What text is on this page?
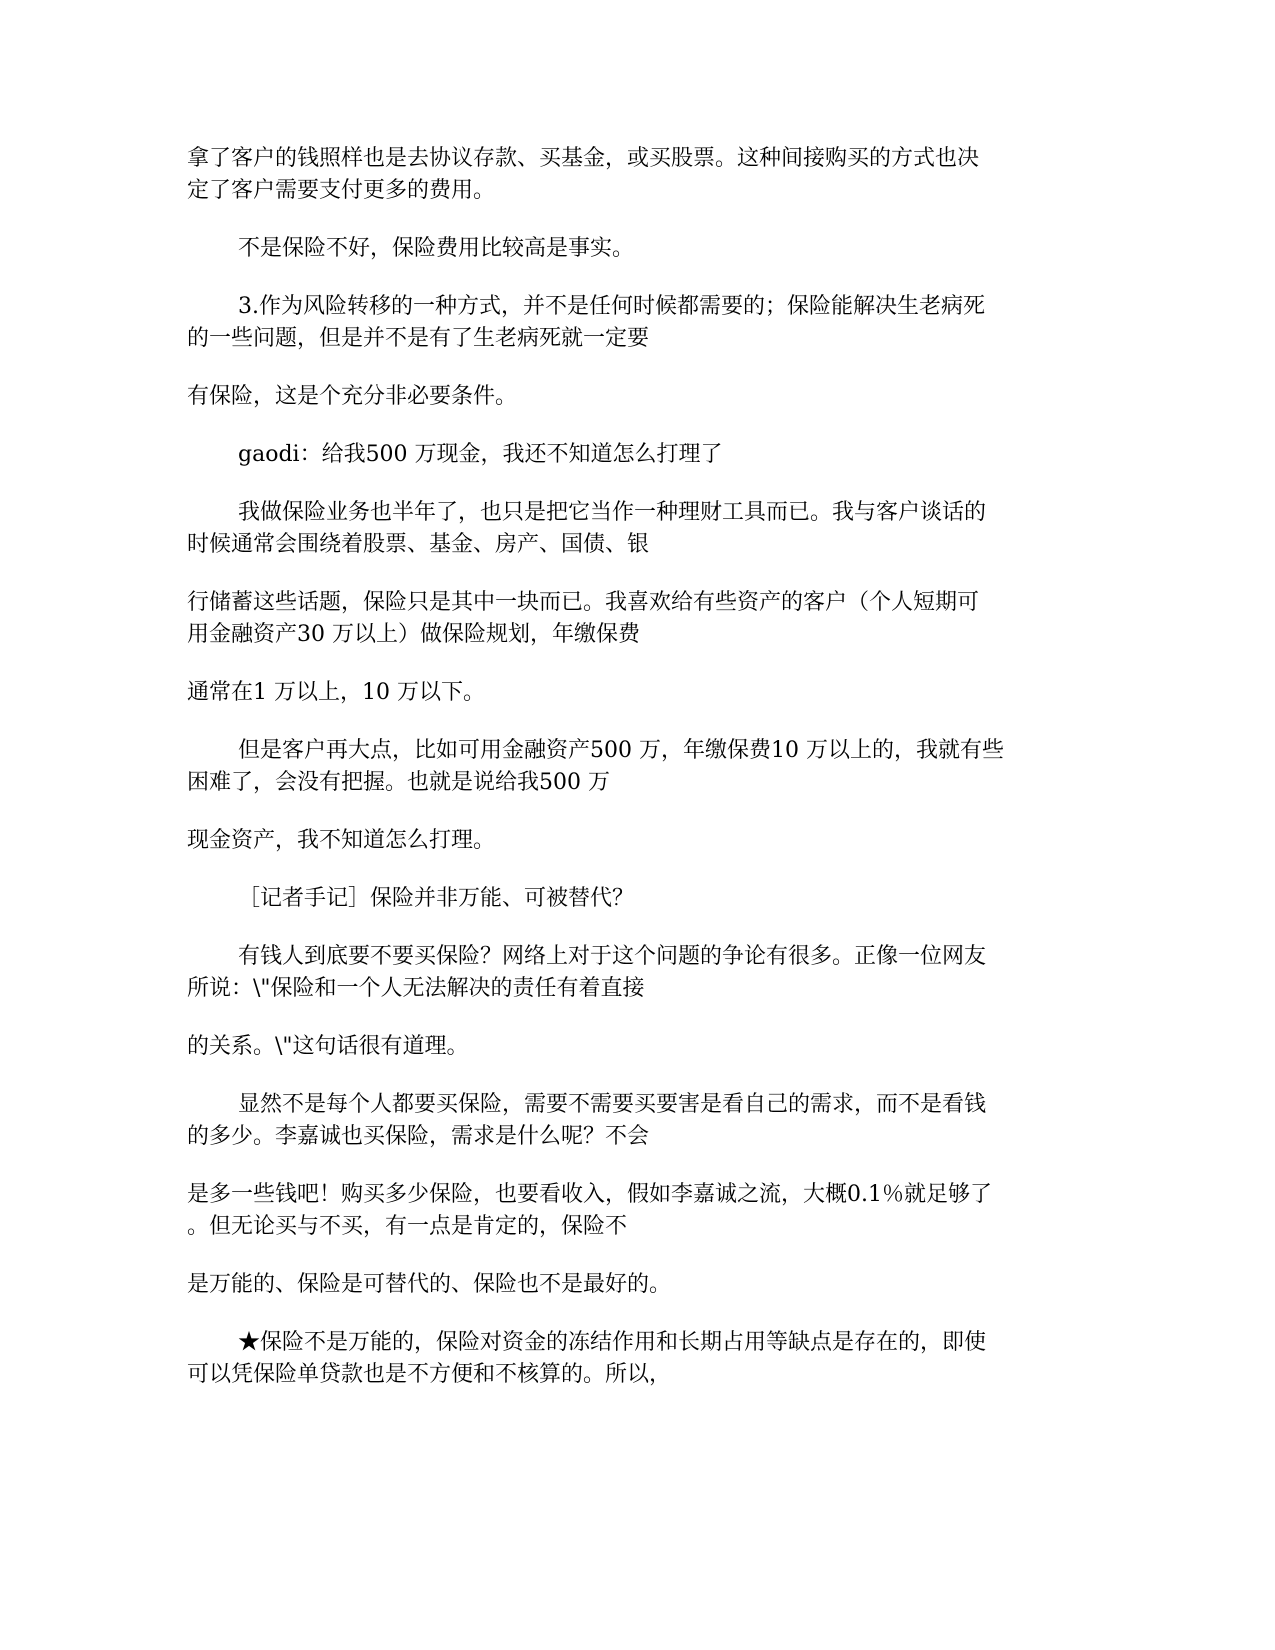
拿了客户的钱照样也是去协议存款、买基金，或买股票。这种间接购买的方式也决
定了客户需要支付更多的费用。
不是保险不好，保险费用比较高是事实。
3.作为风险转移的一种方式，并不是任何时候都需要的；保险能解决生老病死
的一些问题，但是并不是有了生老病死就一定要
有保险，这是个充分非必要条件。
gaodi：给我500 万现金，我还不知道怎么打理了
我做保险业务也半年了，也只是把它当作一种理财工具而已。我与客户谈话的
时候通常会围绕着股票、基金、房产、国债、银
行储蓄这些话题，保险只是其中一块而已。我喜欢给有些资产的客户（个人短期可
用金融资产30 万以上）做保险规划，年缴保费
通常在1 万以上，10 万以下。
但是客户再大点，比如可用金融资产500 万，年缴保费10 万以上的，我就有些
困难了，会没有把握。也就是说给我500 万
现金资产，我不知道怎么打理。
［记者手记］保险并非万能、可被替代？
有钱人到底要不要买保险？网络上对于这个问题的争论有很多。正像一位网友
所说：\"保险和一个人无法解决的责任有着直接
的关系。\"这句话很有道理。
显然不是每个人都要买保险，需要不需要买要害是看自己的需求，而不是看钱
的多少。李嘉诚也买保险，需求是什么呢？不会
是多一些钱吧！购买多少保险，也要看收入，假如李嘉诚之流，大概0.1％就足够了
。但无论买与不买，有一点是肯定的，保险不
是万能的、保险是可替代的、保险也不是最好的。
★保险不是万能的，保险对资金的冻结作用和长期占用等缺点是存在的，即使
可以凭保险单贷款也是不方便和不核算的。所以，
